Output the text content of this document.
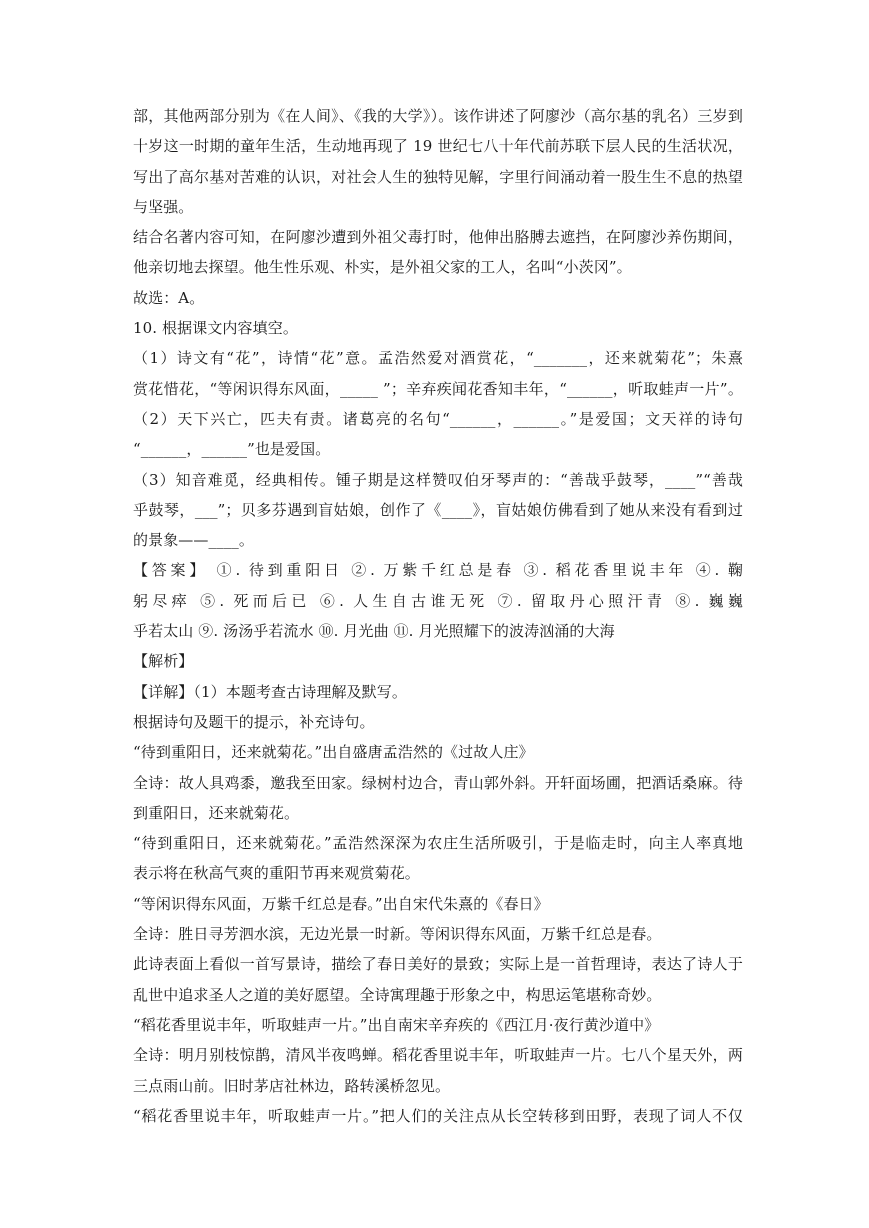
部，其他两部分别为《在人间》、《我的大学》）。该作讲述了阿廖沙（高尔基的乳名）三岁到
十岁这一时期的童年生活，生动地再现了 19 世纪七八十年代前苏联下层人民的生活状况，
写出了高尔基对苦难的认识，对社会人生的独特见解，字里行间涌动着一股生生不息的热望
与坚强。
结合名著内容可知，在阿廖沙遭到外祖父毒打时，他伸出胳膊去遮挡，在阿廖沙养伤期间，
他亲切地去探望。他生性乐观、朴实，是外祖父家的工人，名叫“小茨冈”。
故选：A。
10. 根据课文内容填空。
（1）诗文有“花”，诗情“花”意。孟浩然爱对酒赏花，“_______，还来就菊花”；朱熹
赏花惜花，“等闲识得东风面，_____ ”；辛弃疾闻花香知丰年，“______，听取蛙声一片”。
（2）天下兴亡，匹夫有责。诸葛亮的名句“______，______。”是爱国；文天祥的诗句
“______，______”也是爱国。
（3）知音难觅，经典相传。锺子期是这样赞叹伯牙琴声的：“善哉乎鼓琴，____”“善哉
乎鼓琴，___”；贝多芬遇到盲姑娘，创作了《____》，盲姑娘仿佛看到了她从来没有看到过
的景象——____。
【答案】 ①. 待到重阳日 ②. 万紫千红总是春 ③. 稻花香里说丰年 ④. 鞠
躬尽瘁 ⑤. 死而后已 ⑥. 人生自古谁无死 ⑦. 留取丹心照汗青 ⑧. 巍巍
乎若太山 ⑨. 汤汤乎若流水 ⑩. 月光曲 ⑪. 月光照耀下的波涛汹涌的大海
【解析】
【详解】（1）本题考查古诗理解及默写。
根据诗句及题干的提示，补充诗句。
“待到重阳日，还来就菊花。”出自盛唐孟浩然的《过故人庄》
全诗：故人具鸡黍，邀我至田家。绿树村边合，青山郭外斜。开轩面场圃，把酒话桑麻。待
到重阳日，还来就菊花。
“待到重阳日，还来就菊花。”孟浩然深深为农庄生活所吸引，于是临走时，向主人率真地
表示将在秋高气爽的重阳节再来观赏菊花。
“等闲识得东风面，万紫千红总是春。”出自宋代朱熹的《春日》
全诗：胜日寻芳泗水滨，无边光景一时新。等闲识得东风面，万紫千红总是春。
此诗表面上看似一首写景诗，描绘了春日美好的景致；实际上是一首哲理诗，表达了诗人于
乱世中追求圣人之道的美好愿望。全诗寓理趣于形象之中，构思运笔堪称奇妙。
“稻花香里说丰年，听取蛙声一片。”出自南宋辛弃疾的《西江月·夜行黄沙道中》
全诗：明月别枝惊鹊，清风半夜鸣蝉。稻花香里说丰年，听取蛙声一片。七八个星天外，两
三点雨山前。旧时茅店社林边，路转溪桥忽见。
“稻花香里说丰年，听取蛙声一片。”把人们的关注点从长空转移到田野，表现了词人不仅
